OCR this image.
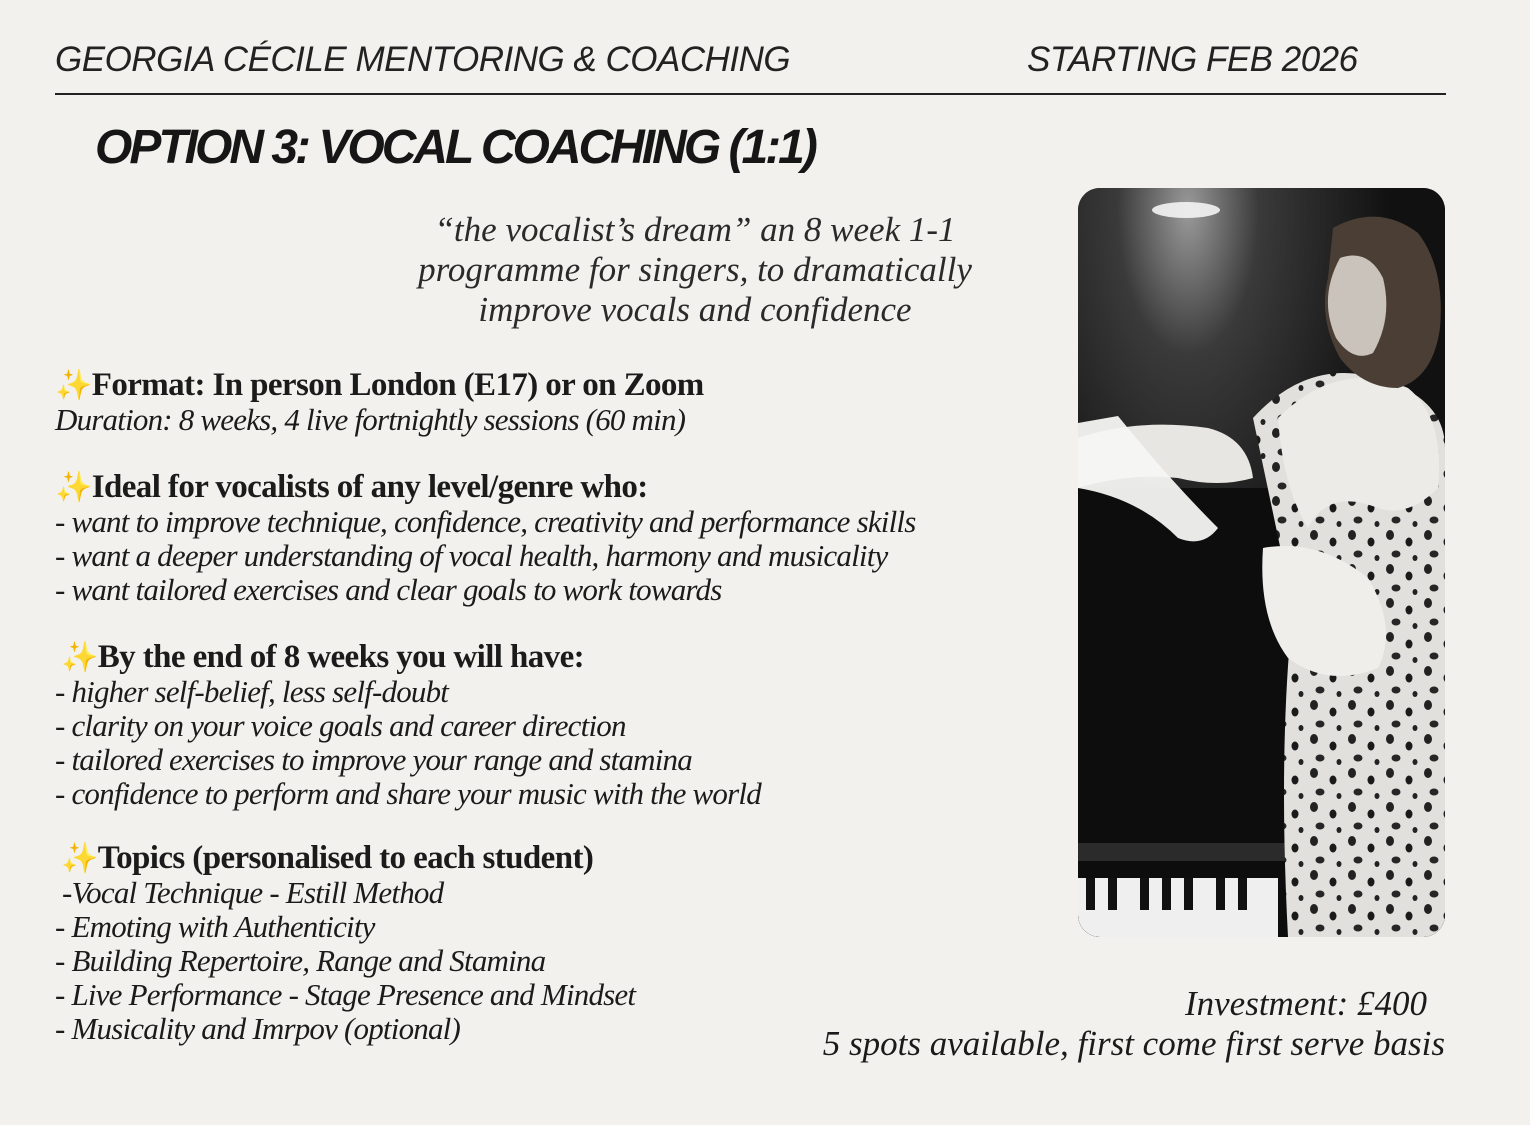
GEORGIA CÉCILE MENTORING & COACHING	STARTING FEB 2026
OPTION 3: VOCAL COACHING (1:1)
“the vocalist’s dream” an 8 week 1-1
programme for singers, to dramatically
improve vocals and confidence
✨Format: In person London (E17) or on Zoom
Duration: 8 weeks, 4 live fortnightly sessions (60 min)
✨Ideal for vocalists of any level/genre who:
- want to improve technique, confidence, creativity and performance skills
- want a deeper understanding of vocal health, harmony and musicality
- want tailored exercises and clear goals to work towards
✨By the end of 8 weeks you will have:
- higher self-belief, less self-doubt
- clarity on your voice goals and career direction
- tailored exercises to improve your range and stamina
- confidence to perform and share your music with the world
✨Topics (personalised to each student)
-Vocal Technique - Estill Method
- Emoting with Authenticity
- Building Repertoire, Range and Stamina
- Live Performance - Stage Presence and Mindset
- Musicality and Imrpov (optional)
Investment: £400
5 spots available, first come first serve basis
